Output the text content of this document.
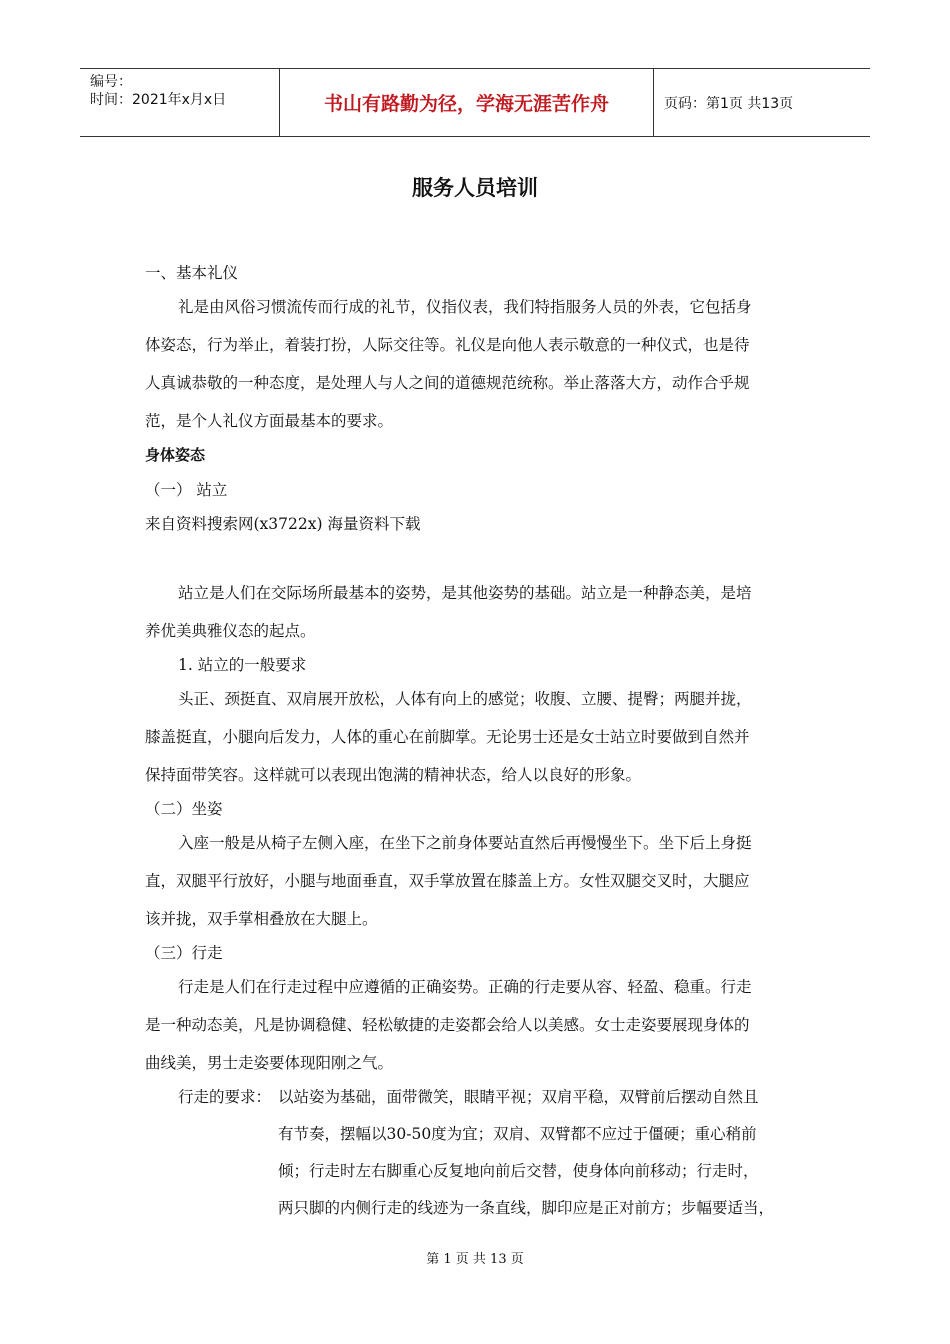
编号：
时间：2021年x月x日	书山有路勤为径，学海无涯苦作舟	页码：第1页 共13页
服务人员培训
一、基本礼仪
礼是由风俗习惯流传而行成的礼节，仪指仪表，我们特指服务人员的外表，它包括身
体姿态，行为举止，着装打扮，人际交往等。礼仪是向他人表示敬意的一种仪式，也是待
人真诚恭敬的一种态度，是处理人与人之间的道德规范统称。举止落落大方，动作合乎规
范，是个人礼仪方面最基本的要求。
身体姿态
（一） 站立
来自资料搜索网(x3722x) 海量资料下载
站立是人们在交际场所最基本的姿势，是其他姿势的基础。站立是一种静态美，是培
养优美典雅仪态的起点。
1. 站立的一般要求
头正、颈挺直、双肩展开放松，人体有向上的感觉；收腹、立腰、提臀；两腿并拢，
膝盖挺直，小腿向后发力，人体的重心在前脚掌。无论男士还是女士站立时要做到自然并
保持面带笑容。这样就可以表现出饱满的精神状态，给人以良好的形象。
（二）坐姿
入座一般是从椅子左侧入座，在坐下之前身体要站直然后再慢慢坐下。坐下后上身挺
直，双腿平行放好，小腿与地面垂直，双手掌放置在膝盖上方。女性双腿交叉时，大腿应
该并拢，双手掌相叠放在大腿上。
（三）行走
行走是人们在行走过程中应遵循的正确姿势。正确的行走要从容、轻盈、稳重。行走
是一种动态美，凡是协调稳健、轻松敏捷的走姿都会给人以美感。女士走姿要展现身体的
曲线美，男士走姿要体现阳刚之气。
行走的要求： 以站姿为基础，面带微笑，眼睛平视；双肩平稳，双臂前后摆动自然且
有节奏，摆幅以30-50度为宜；双肩、双臂都不应过于僵硬；重心稍前
倾；行走时左右脚重心反复地向前后交替，使身体向前移动；行走时，
两只脚的内侧行走的线迹为一条直线，脚印应是正对前方；步幅要适当，
第 1 页 共 13 页
